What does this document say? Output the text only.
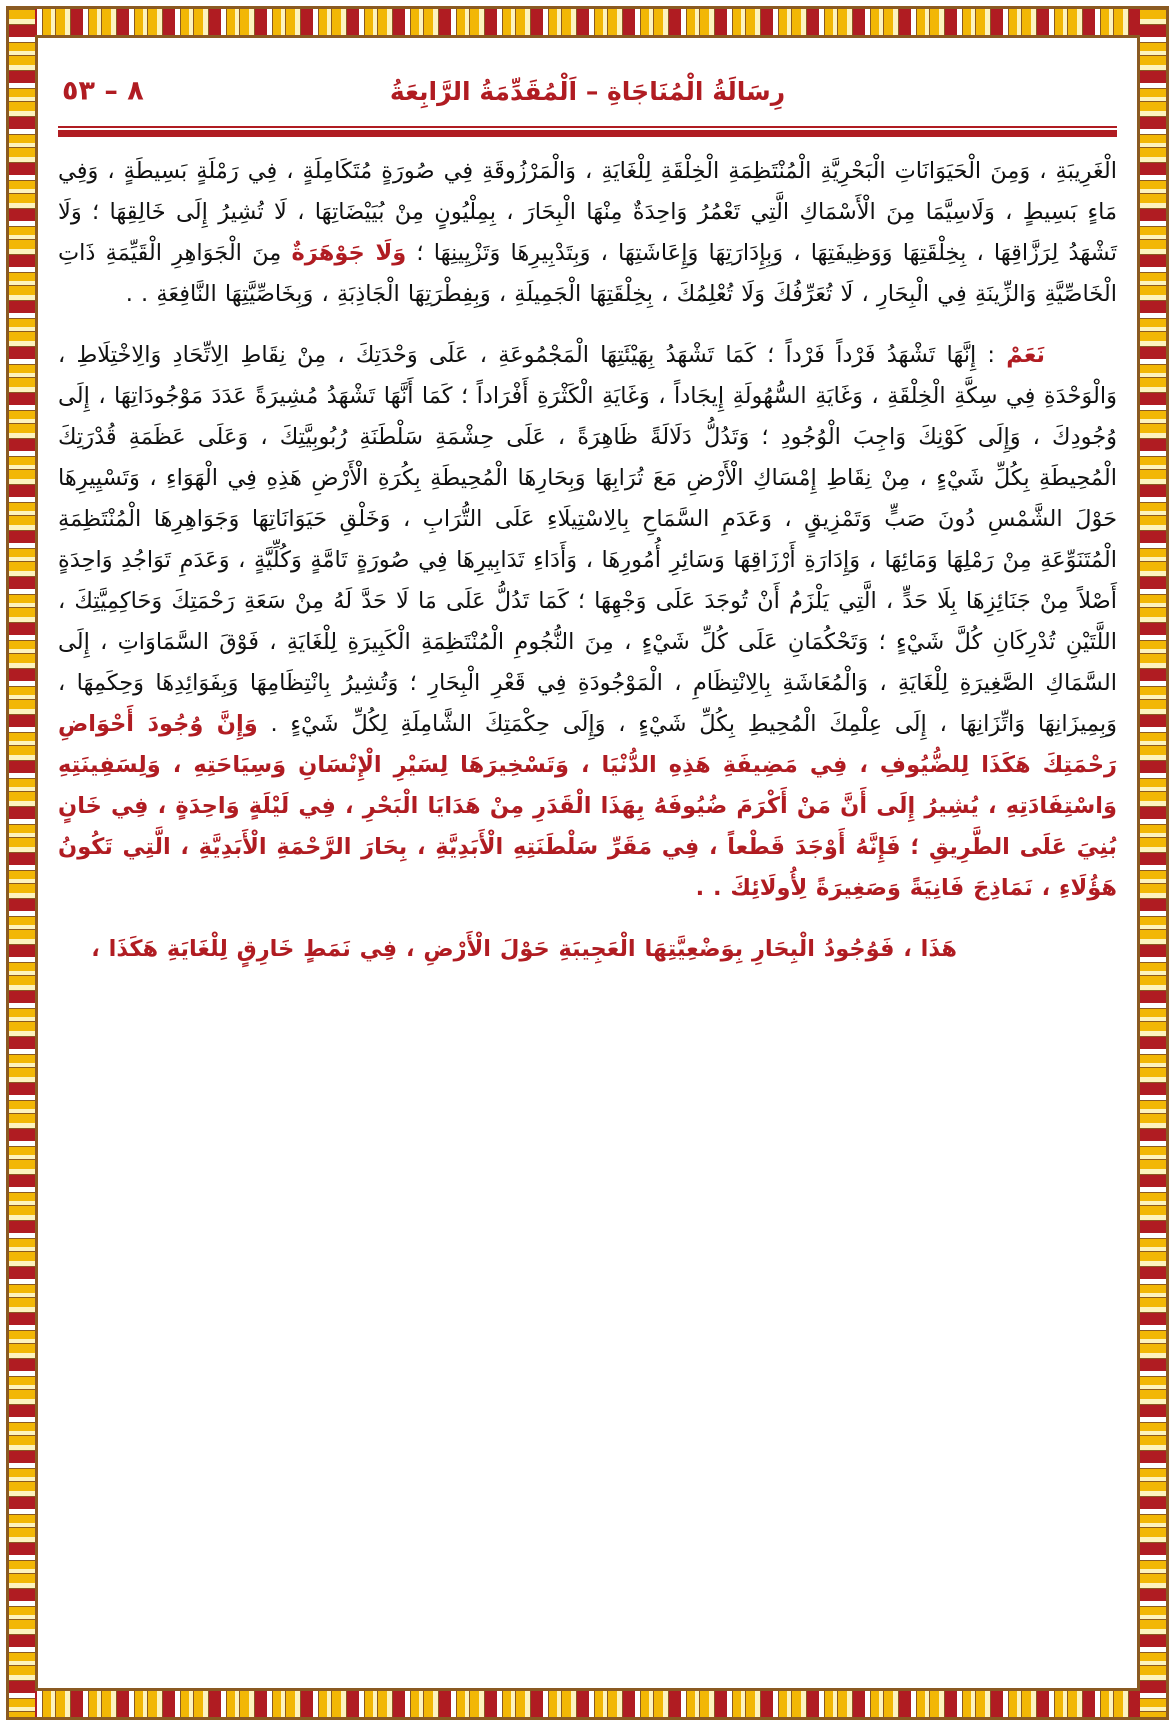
٨ – ٥٣	رِسَالَةُ الْمُنَاجَاةِ – اَلْمُقَدِّمَةُ الرَّابِعَةُ

الْغَرِيبَةِ ، وَمِنَ الْحَيَوَانَاتِ الْبَحْرِيَّةِ الْمُنْتَظِمَةِ الْخِلْقَةِ لِلْغَايَةِ ، وَالْمَرْزُوقَةِ فِي صُورَةٍ مُتَكَامِلَةٍ ، فِي رَمْلَةٍ بَسِيطَةٍ ، وَفِي مَاءٍ بَسِيطٍ ، وَلَاسِيَّمَا مِنَ الْأَسْمَاكِ الَّتِي تَعْمُرُ وَاحِدَةٌ مِنْهَا الْبِحَارَ ، بِمِلْيُونٍ مِنْ بُيَيْضَاتِهَا ، لَا تُشِيرُ إِلَى خَالِقِهَا ؛ وَلَا تَشْهَدُ لِرَزَّاقِهَا ، بِخِلْقَتِهَا وَوَظِيفَتِهَا ، وَبِإِدَارَتِهَا وَإِعَاشَتِهَا ، وَبِتَدْبِيرِهَا وَتَزْيِينِهَا ؛ وَلَا جَوْهَرَةٌ مِنَ الْجَوَاهِرِ الْقَيِّمَةِ ذَاتِ الْخَاصِّيَّةِ وَالزِّينَةِ فِي الْبِحَارِ ، لَا تُعَرِّفُكَ وَلَا تُعْلِمُكَ ، بِخِلْقَتِهَا الْجَمِيلَةِ ، وَبِفِطْرَتِهَا الْجَاذِبَةِ ، وَبِخَاصِّيَّتِهَا النَّافِعَةِ . .

نَعَمْ : إِنَّهَا تَشْهَدُ فَرْداً فَرْداً ؛ كَمَا تَشْهَدُ بِهَيْئَتِهَا الْمَجْمُوعَةِ ، عَلَى وَحْدَتِكَ ، مِنْ نِقَاطِ الِاتِّحَادِ وَالِاخْتِلَاطِ ، وَالْوَحْدَةِ فِي سِكَّةِ الْخِلْقَةِ ، وَغَايَةِ السُّهُولَةِ إِيجَاداً ، وَغَايَةِ الْكَثْرَةِ أَفْرَاداً ؛ كَمَا أَنَّهَا تَشْهَدُ مُشِيرَةً عَدَدَ مَوْجُودَاتِهَا ، إِلَى وُجُودِكَ ، وَإِلَى كَوْنِكَ وَاجِبَ الْوُجُودِ ؛ وَتَدُلُّ دَلَالَةً ظَاهِرَةً ، عَلَى حِشْمَةِ سَلْطَنَةِ رُبُوبِيَّتِكَ ، وَعَلَى عَظَمَةِ قُدْرَتِكَ الْمُحِيطَةِ بِكُلِّ شَيْءٍ ، مِنْ نِقَاطِ إِمْسَاكِ الْأَرْضِ مَعَ تُرَابِهَا وَبِحَارِهَا الْمُحِيطَةِ بِكُرَةِ الْأَرْضِ هَذِهِ فِي الْهَوَاءِ ، وَتَسْيِيرِهَا حَوْلَ الشَّمْسِ دُونَ صَبٍّ وَتَمْزِيقٍ ، وَعَدَمِ السَّمَاحِ بِالِاسْتِيلَاءِ عَلَى التُّرَابِ ، وَخَلْقِ حَيَوَانَاتِهَا وَجَوَاهِرِهَا الْمُنْتَظِمَةِ الْمُتَنَوِّعَةِ مِنْ رَمْلِهَا وَمَائِهَا ، وَإِدَارَةِ أَرْزَاقِهَا وَسَائِرِ أُمُورِهَا ، وَأَدَاءِ تَدَابِيرِهَا فِي صُورَةٍ تَامَّةٍ وَكُلِّيَّةٍ ، وَعَدَمِ تَوَاجُدِ وَاحِدَةٍ أَصْلاً مِنْ جَنَائِزِهَا بِلَا حَدٍّ ، الَّتِي يَلْزَمُ أَنْ تُوجَدَ عَلَى وَجْهِهَا ؛ كَمَا تَدُلُّ عَلَى مَا لَا حَدَّ لَهُ مِنْ سَعَةِ رَحْمَتِكَ وَحَاكِمِيَّتِكَ ، اللَّتَيْنِ تُدْرِكَانِ كُلَّ شَيْءٍ ؛ وَتَحْكُمَانِ عَلَى كُلِّ شَيْءٍ ، مِنَ النُّجُومِ الْمُنْتَظِمَةِ الْكَبِيرَةِ لِلْغَايَةِ ، فَوْقَ السَّمَاوَاتِ ، إِلَى السَّمَاكِ الصَّغِيرَةِ لِلْغَايَةِ ، وَالْمُعَاشَةِ بِالِانْتِظَامِ ، الْمَوْجُودَةِ فِي قَعْرِ الْبِحَارِ ؛ وَتُشِيرُ بِانْتِظَامِهَا وَبِفَوَائِدِهَا وَحِكَمِهَا ، وَبِمِيزَانِهَا وَاتِّزَانِهَا ، إِلَى عِلْمِكَ الْمُحِيطِ بِكُلِّ شَيْءٍ ، وَإِلَى حِكْمَتِكَ الشَّامِلَةِ لِكُلِّ شَيْءٍ . وَإِنَّ وُجُودَ أَحْوَاضِ رَحْمَتِكَ هَكَذَا لِلضُّيُوفِ ، فِي مَضِيفَةِ هَذِهِ الدُّنْيَا ، وَتَسْخِيرَهَا لِسَيْرِ الْإِنْسَانِ وَسِيَاحَتِهِ ، وَلِسَفِينَتِهِ وَاسْتِفَادَتِهِ ، يُشِيرُ إِلَى أَنَّ مَنْ أَكْرَمَ ضُيُوفَهُ بِهَذَا الْقَدَرِ مِنْ هَدَايَا الْبَحْرِ ، فِي لَيْلَةٍ وَاحِدَةٍ ، فِي خَانٍ بُنِيَ عَلَى الطَّرِيقِ ؛ فَإِنَّهُ أَوْجَدَ قَطْعاً ، فِي مَقَرِّ سَلْطَنَتِهِ الْأَبَدِيَّةِ ، بِحَارَ الرَّحْمَةِ الْأَبَدِيَّةِ ، الَّتِي تَكُونُ هَؤُلَاءِ ، نَمَاذِجَ فَانِيَةً وَصَغِيرَةً لِأُولَائِكَ . .

هَذَا ، فَوُجُودُ الْبِحَارِ بِوَضْعِيَّتِهَا الْعَجِيبَةِ حَوْلَ الْأَرْضِ ، فِي نَمَطٍ خَارِقٍ لِلْغَايَةِ هَكَذَا ،
